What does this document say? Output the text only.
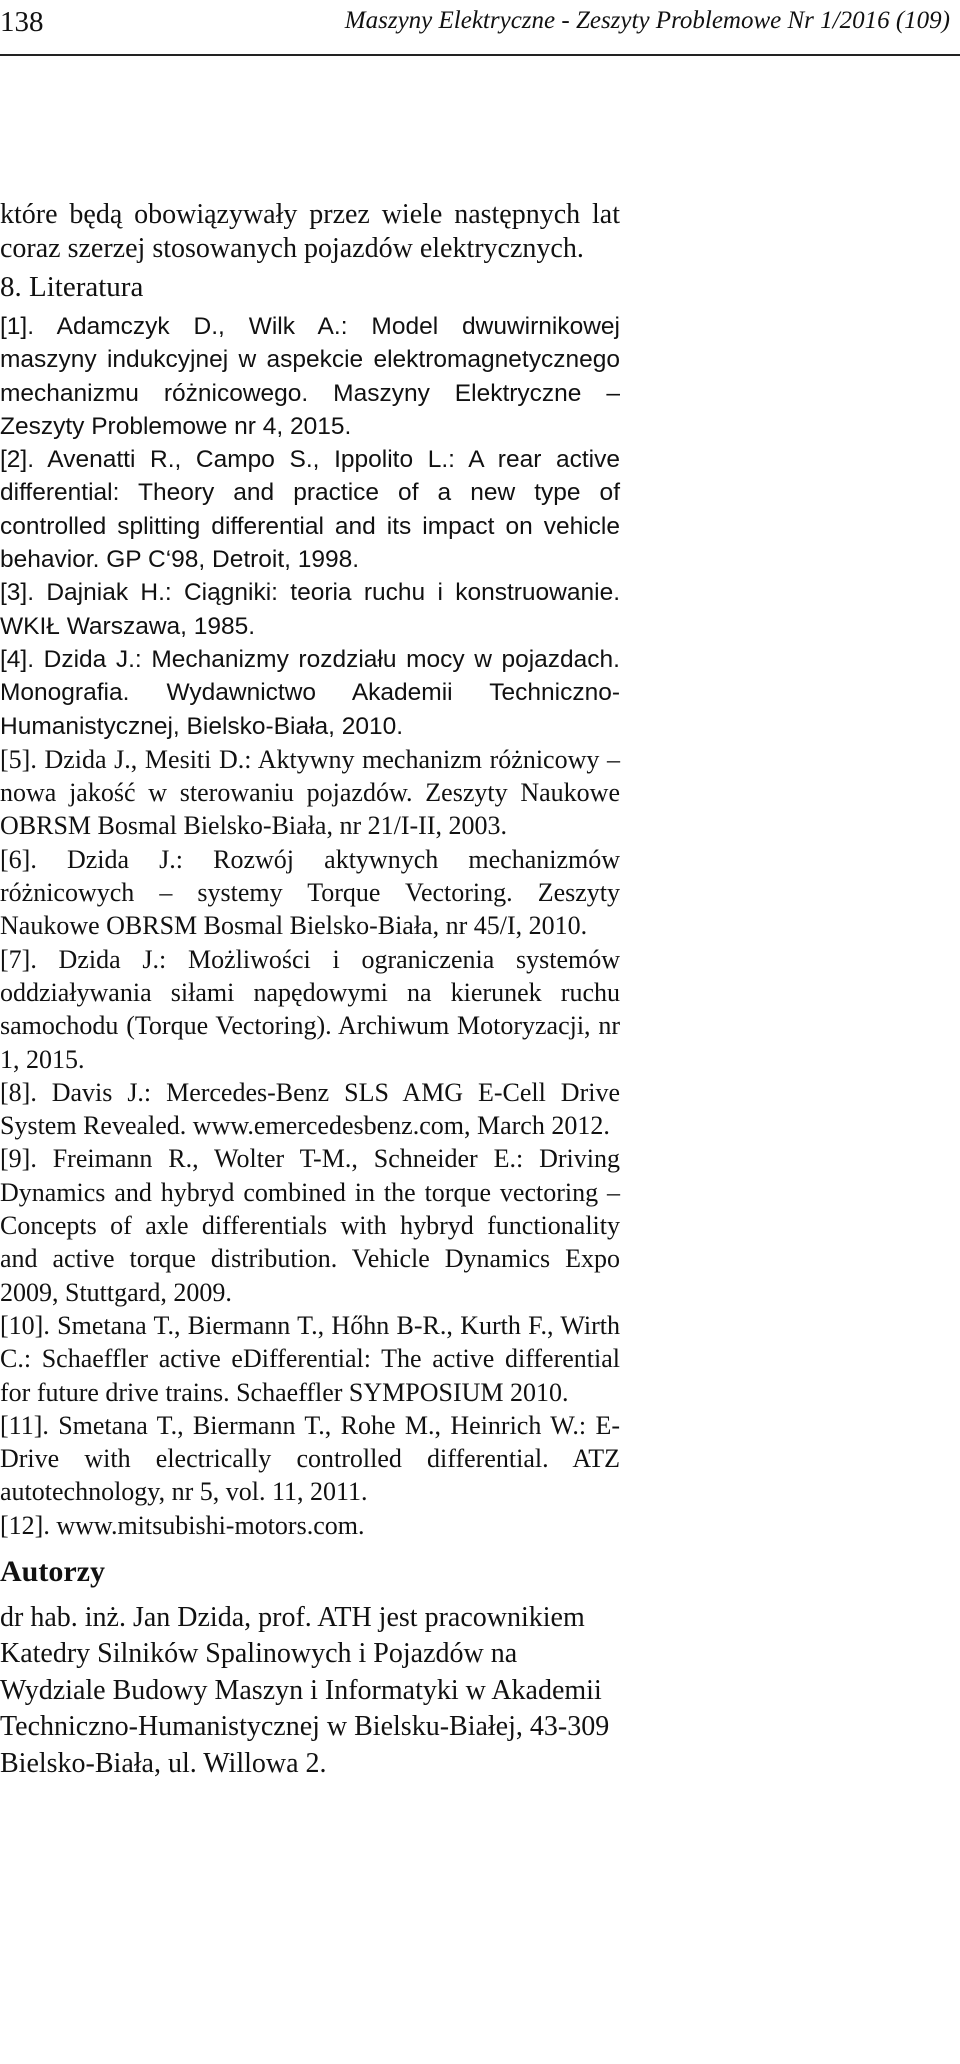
138	Maszyny Elektryczne - Zeszyty Problemowe Nr 1/2016 (109)

które będą obowiązywały przez wiele następnych lat coraz szerzej stosowanych pojazdów elektrycznych.

8. Literatura

[1]. Adamczyk D., Wilk A.: Model dwuwirnikowej maszyny indukcyjnej w aspekcie elektromagnetycznego mechanizmu różnicowego. Maszyny Elektryczne – Zeszyty Problemowe nr 4, 2015.

[2]. Avenatti R., Campo S., Ippolito L.: A rear active differential: Theory and practice of a new type of controlled splitting differential and its impact on vehicle behavior. GP C‘98, Detroit, 1998.

[3]. Dajniak H.: Ciągniki: teoria ruchu i konstruowanie. WKIŁ Warszawa, 1985.

[4]. Dzida J.: Mechanizmy rozdziału mocy w pojazdach. Monografia. Wydawnictwo Akademii Techniczno-Humanistycznej, Bielsko-Biała, 2010.

[5]. Dzida J., Mesiti D.: Aktywny mechanizm różnicowy – nowa jakość w sterowaniu pojazdów. Zeszyty Naukowe OBRSM Bosmal Bielsko-Biała, nr 21/I-II, 2003.

[6]. Dzida J.: Rozwój aktywnych mechanizmów różnicowych – systemy Torque Vectoring. Zeszyty Naukowe OBRSM Bosmal Bielsko-Biała, nr 45/I, 2010.

[7]. Dzida J.: Możliwości i ograniczenia systemów oddziaływania siłami napędowymi na kierunek ruchu samochodu (Torque Vectoring). Archiwum Motoryzacji, nr 1, 2015.

[8]. Davis J.: Mercedes-Benz SLS AMG E-Cell Drive System Revealed. www.emercedesbenz.com, March 2012.

[9]. Freimann R., Wolter T-M., Schneider E.: Driving Dynamics and hybryd combined in the torque vectoring – Concepts of axle differentials with hybryd functionality and active torque distribution. Vehicle Dynamics Expo 2009, Stuttgard, 2009.

[10]. Smetana T., Biermann T., Hőhn B-R., Kurth F., Wirth C.: Schaeffler active eDifferential: The active differential for future drive trains. Schaeffler SYMPOSIUM 2010.

[11]. Smetana T., Biermann T., Rohe M., Heinrich W.: E- Drive with electrically controlled differential. ATZ autotechnology, nr 5, vol. 11, 2011.

[12]. www.mitsubishi-motors.com.

Autorzy

dr hab. inż. Jan Dzida, prof. ATH jest pracownikiem Katedry Silników Spalinowych i Pojazdów na Wydziale Budowy Maszyn i Informatyki w Akademii Techniczno-Humanistycznej w Bielsku-Białej, 43-309 Bielsko-Biała, ul. Willowa 2.
